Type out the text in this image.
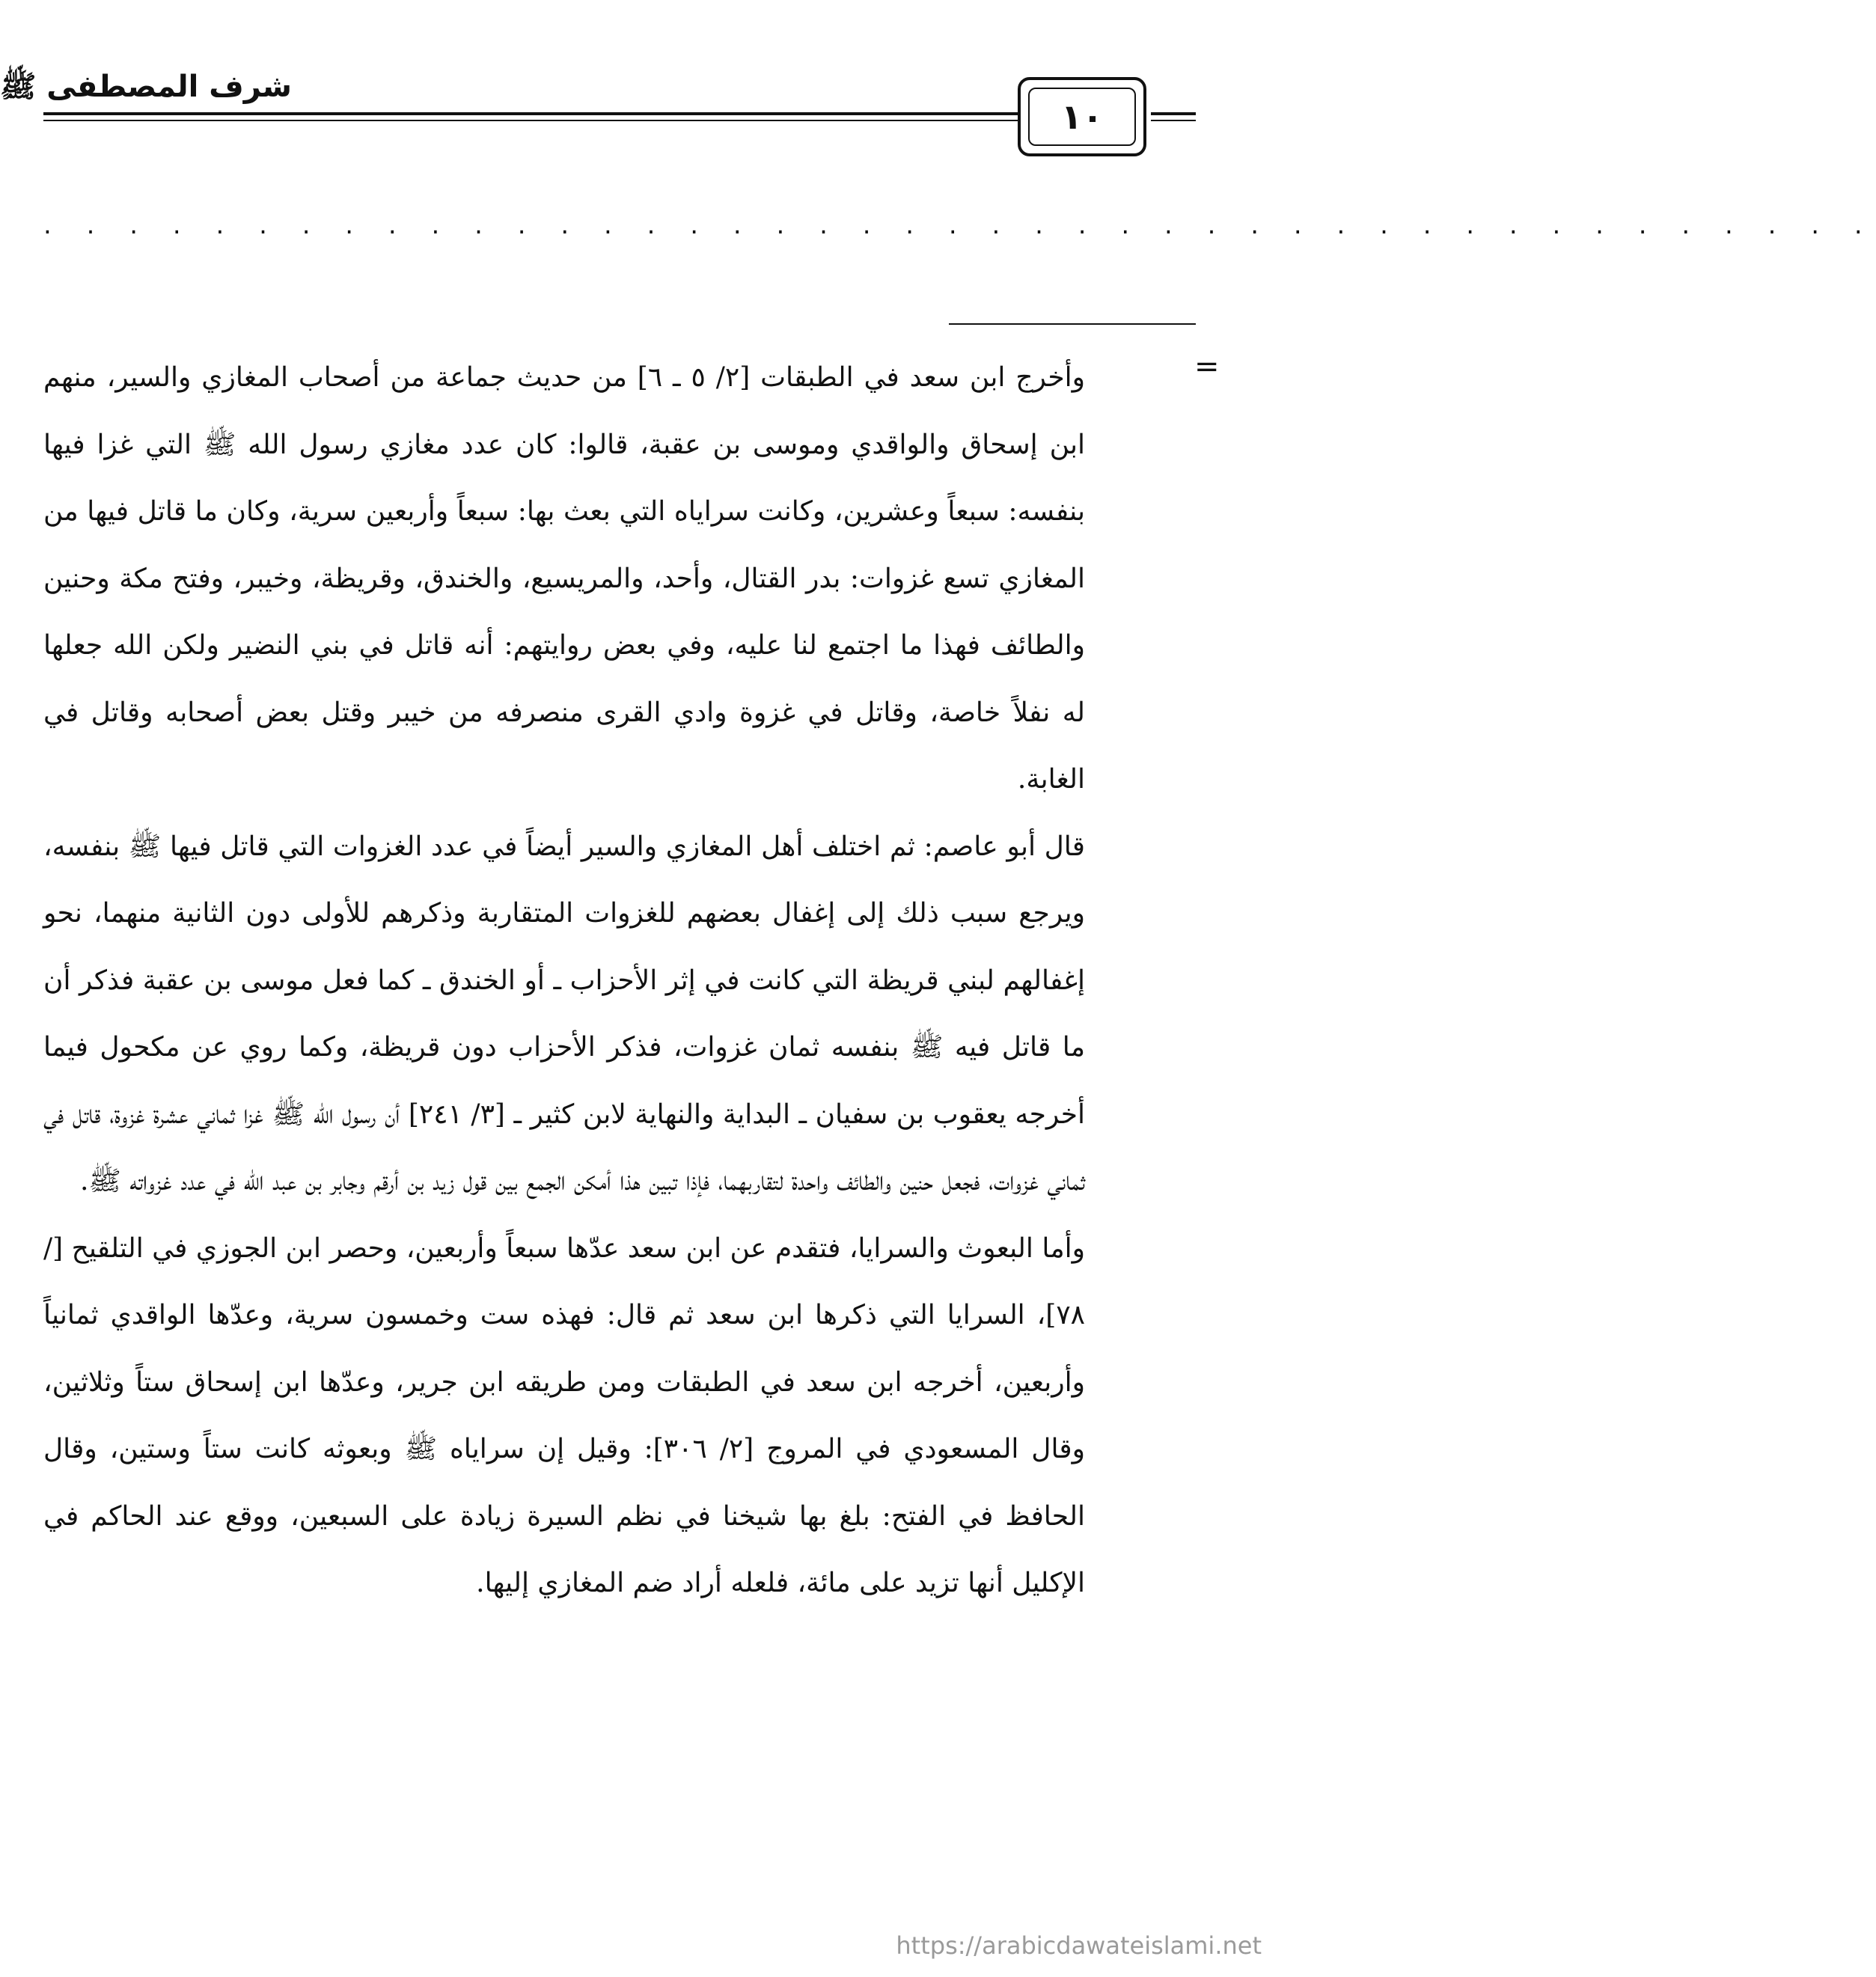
شرف المصطفى ﷺ
١٠
. . . . . . . . . . . . . . . . . . . . . . . . . . . . . . . . . . . . . . . . . . .
=

وأخرج ابن سعد في الطبقات [٢/ ٥ ـ ٦] من حديث جماعة من أصحاب المغازي والسير، منهم ابن إسحاق والواقدي وموسى بن عقبة، قالوا: كان عدد مغازي رسول الله ﷺ التي غزا فيها بنفسه: سبعاً وعشرين، وكانت سراياه التي بعث بها: سبعاً وأربعين سرية، وكان ما قاتل فيها من المغازي تسع غزوات: بدر القتال، وأحد، والمريسيع، والخندق، وقريظة، وخيبر، وفتح مكة وحنين والطائف فهذا ما اجتمع لنا عليه، وفي بعض روايتهم: أنه قاتل في بني النضير ولكن الله جعلها له نفلاً خاصة، وقاتل في غزوة وادي القرى منصرفه من خيبر وقتل بعض أصحابه وقاتل في الغابة.

قال أبو عاصم: ثم اختلف أهل المغازي والسير أيضاً في عدد الغزوات التي قاتل فيها ﷺ بنفسه، ويرجع سبب ذلك إلى إغفال بعضهم للغزوات المتقاربة وذكرهم للأولى دون الثانية منهما، نحو إغفالهم لبني قريظة التي كانت في إثر الأحزاب ـ أو الخندق ـ كما فعل موسى بن عقبة فذكر أن ما قاتل فيه ﷺ بنفسه ثمان غزوات، فذكر الأحزاب دون قريظة، وكما روي عن مكحول فيما أخرجه يعقوب بن سفيان ـ البداية والنهاية لابن كثير ـ [٣/ ٢٤١] أن رسول الله ﷺ غزا ثماني عشرة غزوة، قاتل في ثماني غزوات، فجعل حنين والطائف واحدة لتقاربهما، فإذا تبين هذا أمكن الجمع بين قول زيد بن أرقم وجابر بن عبد الله في عدد غزواته ﷺ.

وأما البعوث والسرايا، فتقدم عن ابن سعد عدّها سبعاً وأربعين، وحصر ابن الجوزي في التلقيح [/ ٧٨]، السرايا التي ذكرها ابن سعد ثم قال: فهذه ست وخمسون سرية، وعدّها الواقدي ثمانياً وأربعين، أخرجه ابن سعد في الطبقات ومن طريقه ابن جرير، وعدّها ابن إسحاق ستاً وثلاثين، وقال المسعودي في المروج [٢/ ٣٠٦]: وقيل إن سراياه ﷺ وبعوثه كانت ستاً وستين، وقال الحافظ في الفتح: بلغ بها شيخنا في نظم السيرة زيادة على السبعين، ووقع عند الحاكم في الإكليل أنها تزيد على مائة، فلعله أراد ضم المغازي إليها.

https://arabicdawateislami.net
